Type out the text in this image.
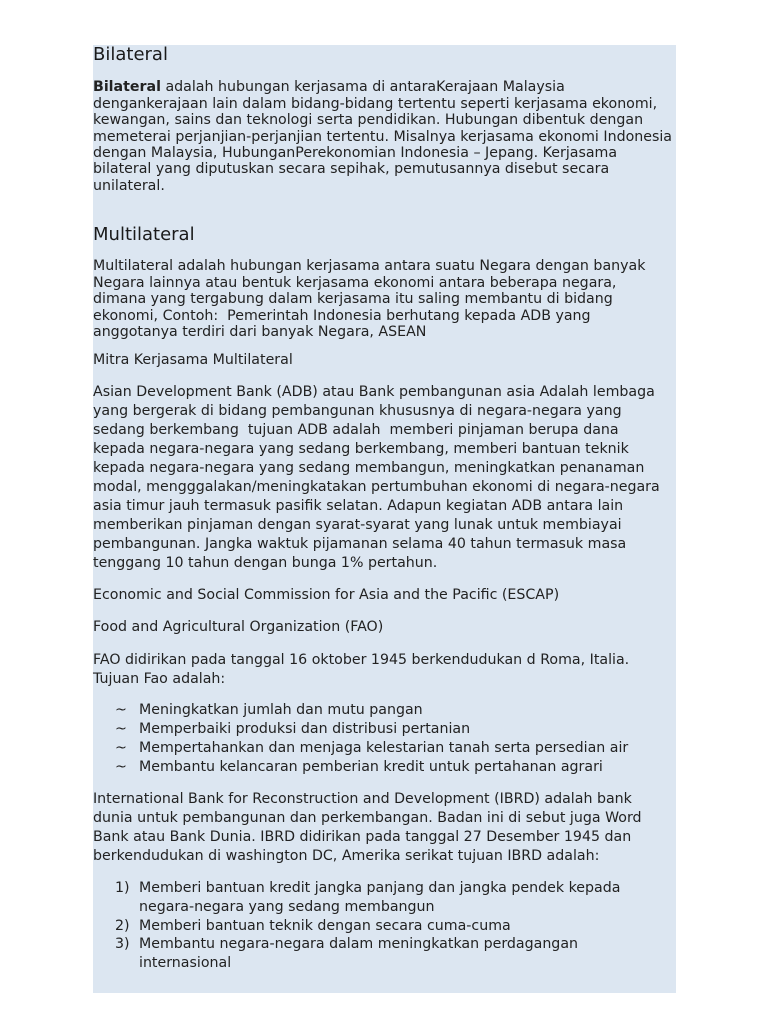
Bilateral
Bilateral adalah hubungan kerjasama di antaraKerajaan Malaysia
dengankerajaan lain dalam bidang-bidang tertentu seperti kerjasama ekonomi,
kewangan, sains dan teknologi serta pendidikan. Hubungan dibentuk dengan
memeterai perjanjian-perjanjian tertentu. Misalnya kerjasama ekonomi Indonesia
dengan Malaysia, HubunganPerekonomian Indonesia – Jepang. Kerjasama
bilateral yang diputuskan secara sepihak, pemutusannya disebut secara
unilateral.
Multilateral
Multilateral adalah hubungan kerjasama antara suatu Negara dengan banyak
Negara lainnya atau bentuk kerjasama ekonomi antara beberapa negara,
dimana yang tergabung dalam kerjasama itu saling membantu di bidang
ekonomi, Contoh:  Pemerintah Indonesia berhutang kepada ADB yang
anggotanya terdiri dari banyak Negara, ASEAN
Mitra Kerjasama Multilateral
Asian Development Bank (ADB) atau Bank pembangunan asia Adalah lembaga
yang bergerak di bidang pembangunan khususnya di negara-negara yang
sedang berkembang  tujuan ADB adalah  memberi pinjaman berupa dana
kepada negara-negara yang sedang berkembang, memberi bantuan teknik
kepada negara-negara yang sedang membangun, meningkatkan penanaman
modal, mengggalakan/meningkatakan pertumbuhan ekonomi di negara-negara
asia timur jauh termasuk pasifik selatan. Adapun kegiatan ADB antara lain
memberikan pinjaman dengan syarat-syarat yang lunak untuk membiayai
pembangunan. Jangka waktuk pijamanan selama 40 tahun termasuk masa
tenggang 10 tahun dengan bunga 1% pertahun.
Economic and Social Commission for Asia and the Pacific (ESCAP)
Food and Agricultural Organization (FAO)
FAO didirikan pada tanggal 16 oktober 1945 berkendudukan d Roma, Italia.
Tujuan Fao adalah:
~ Meningkatkan jumlah dan mutu pangan
~ Memperbaiki produksi dan distribusi pertanian
~ Mempertahankan dan menjaga kelestarian tanah serta persedian air
~ Membantu kelancaran pemberian kredit untuk pertahanan agrari
International Bank for Reconstruction and Development (IBRD) adalah bank
dunia untuk pembangunan dan perkembangan. Badan ini di sebut juga Word
Bank atau Bank Dunia. IBRD didirikan pada tanggal 27 Desember 1945 dan
berkendudukan di washington DC, Amerika serikat tujuan IBRD adalah:
1) Memberi bantuan kredit jangka panjang dan jangka pendek kepada
negara-negara yang sedang membangun
2) Memberi bantuan teknik dengan secara cuma-cuma
3) Membantu negara-negara dalam meningkatkan perdagangan
internasional
